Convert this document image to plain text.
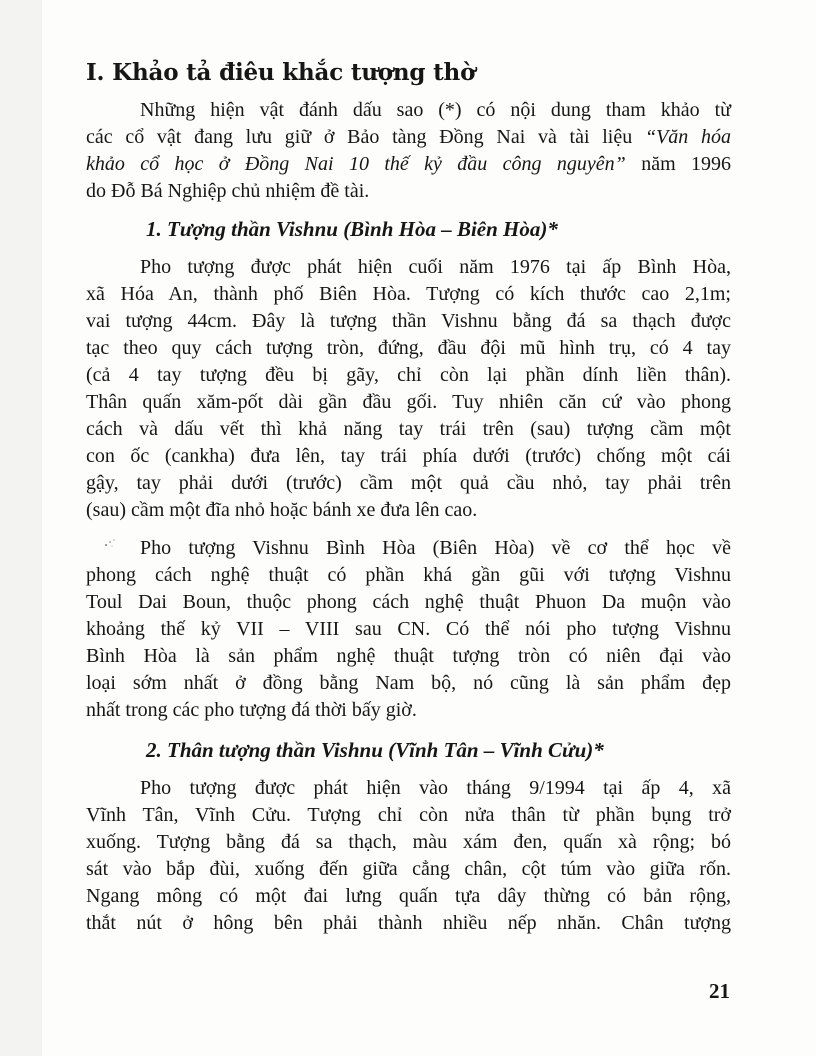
I. Khảo tả điêu khắc tượng thờ

Những hiện vật đánh dấu sao (*) có nội dung tham khảo từ
các cổ vật đang lưu giữ ở Bảo tàng Đồng Nai và tài liệu “Văn hóa
khảo cổ học ở Đồng Nai 10 thế kỷ đầu công nguyên” năm 1996
do Đỗ Bá Nghiệp chủ nhiệm đề tài.

1. Tượng thần Vishnu (Bình Hòa – Biên Hòa)*

Pho tượng được phát hiện cuối năm 1976 tại ấp Bình Hòa,
xã Hóa An, thành phố Biên Hòa. Tượng có kích thước cao 2,1m;
vai tượng 44cm. Đây là tượng thần Vishnu bằng đá sa thạch được
tạc theo quy cách tượng tròn, đứng, đầu đội mũ hình trụ, có 4 tay
(cả 4 tay tượng đều bị gãy, chỉ còn lại phần dính liền thân).
Thân quấn xăm-pốt dài gần đầu gối. Tuy nhiên căn cứ vào phong
cách và dấu vết thì khả năng tay trái trên (sau) tượng cầm một
con ốc (cankha) đưa lên, tay trái phía dưới (trước) chống một cái
gậy, tay phải dưới (trước) cầm một quả cầu nhỏ, tay phải trên
(sau) cầm một đĩa nhỏ hoặc bánh xe đưa lên cao.

Pho tượng Vishnu Bình Hòa (Biên Hòa) về cơ thể học về
phong cách nghệ thuật có phần khá gần gũi với tượng Vishnu
Toul Dai Boun, thuộc phong cách nghệ thuật Phuon Da muộn vào
khoảng thế kỷ VII – VIII sau CN. Có thể nói pho tượng Vishnu
Bình Hòa là sản phẩm nghệ thuật tượng tròn có niên đại vào
loại sớm nhất ở đồng bằng Nam bộ, nó cũng là sản phẩm đẹp
nhất trong các pho tượng đá thời bấy giờ.

2. Thân tượng thần Vishnu (Vĩnh Tân – Vĩnh Cửu)*

Pho tượng được phát hiện vào tháng 9/1994 tại ấp 4, xã
Vĩnh Tân, Vĩnh Cửu. Tượng chỉ còn nửa thân từ phần bụng trở
xuống. Tượng bằng đá sa thạch, màu xám đen, quấn xà rộng; bó
sát vào bắp đùi, xuống đến giữa cẳng chân, cột túm vào giữa rốn.
Ngang mông có một đai lưng quấn tựa dây thừng có bản rộng,
thắt nút ở hông bên phải thành nhiều nếp nhăn. Chân tượng

21
